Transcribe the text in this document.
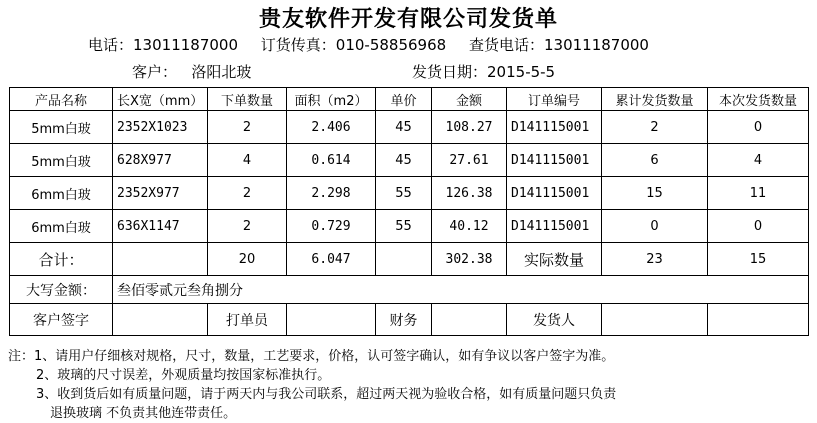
贵友软件开发有限公司发货单
电话：13011187000 订货传真：010-58856968 查货电话：13011187000
客户： 洛阳北玻	发货日期：2015-5-5
产品名称	长X宽（mm）	下单数量	面积（m2）	单价	金额	订单编号	累计发货数量	本次发货数量
5mm白玻	2352X1023	2	2.406	45	108.27	D141115001	2	0
5mm白玻	628X977	4	0.614	45	27.61	D141115001	6	4
6mm白玻	2352X977	2	2.298	55	126.38	D141115001	15	11
6mm白玻	636X1147	2	0.729	55	40.12	D141115001	0	0
合计：		20	6.047		302.38	实际数量	23	15
大写金额：	叁佰零贰元叁角捌分							
客户签字		打单员		财务		发货人		
注：1、请用户仔细核对规格，尺寸，数量，工艺要求，价格，认可签字确认，如有争议以客户签字为准。
2、玻璃的尺寸误差，外观质量均按国家标准执行。
3、收到货后如有质量问题，请于两天内与我公司联系，超过两天视为验收合格，如有质量问题只负责
退换玻璃 不负责其他连带责任。
